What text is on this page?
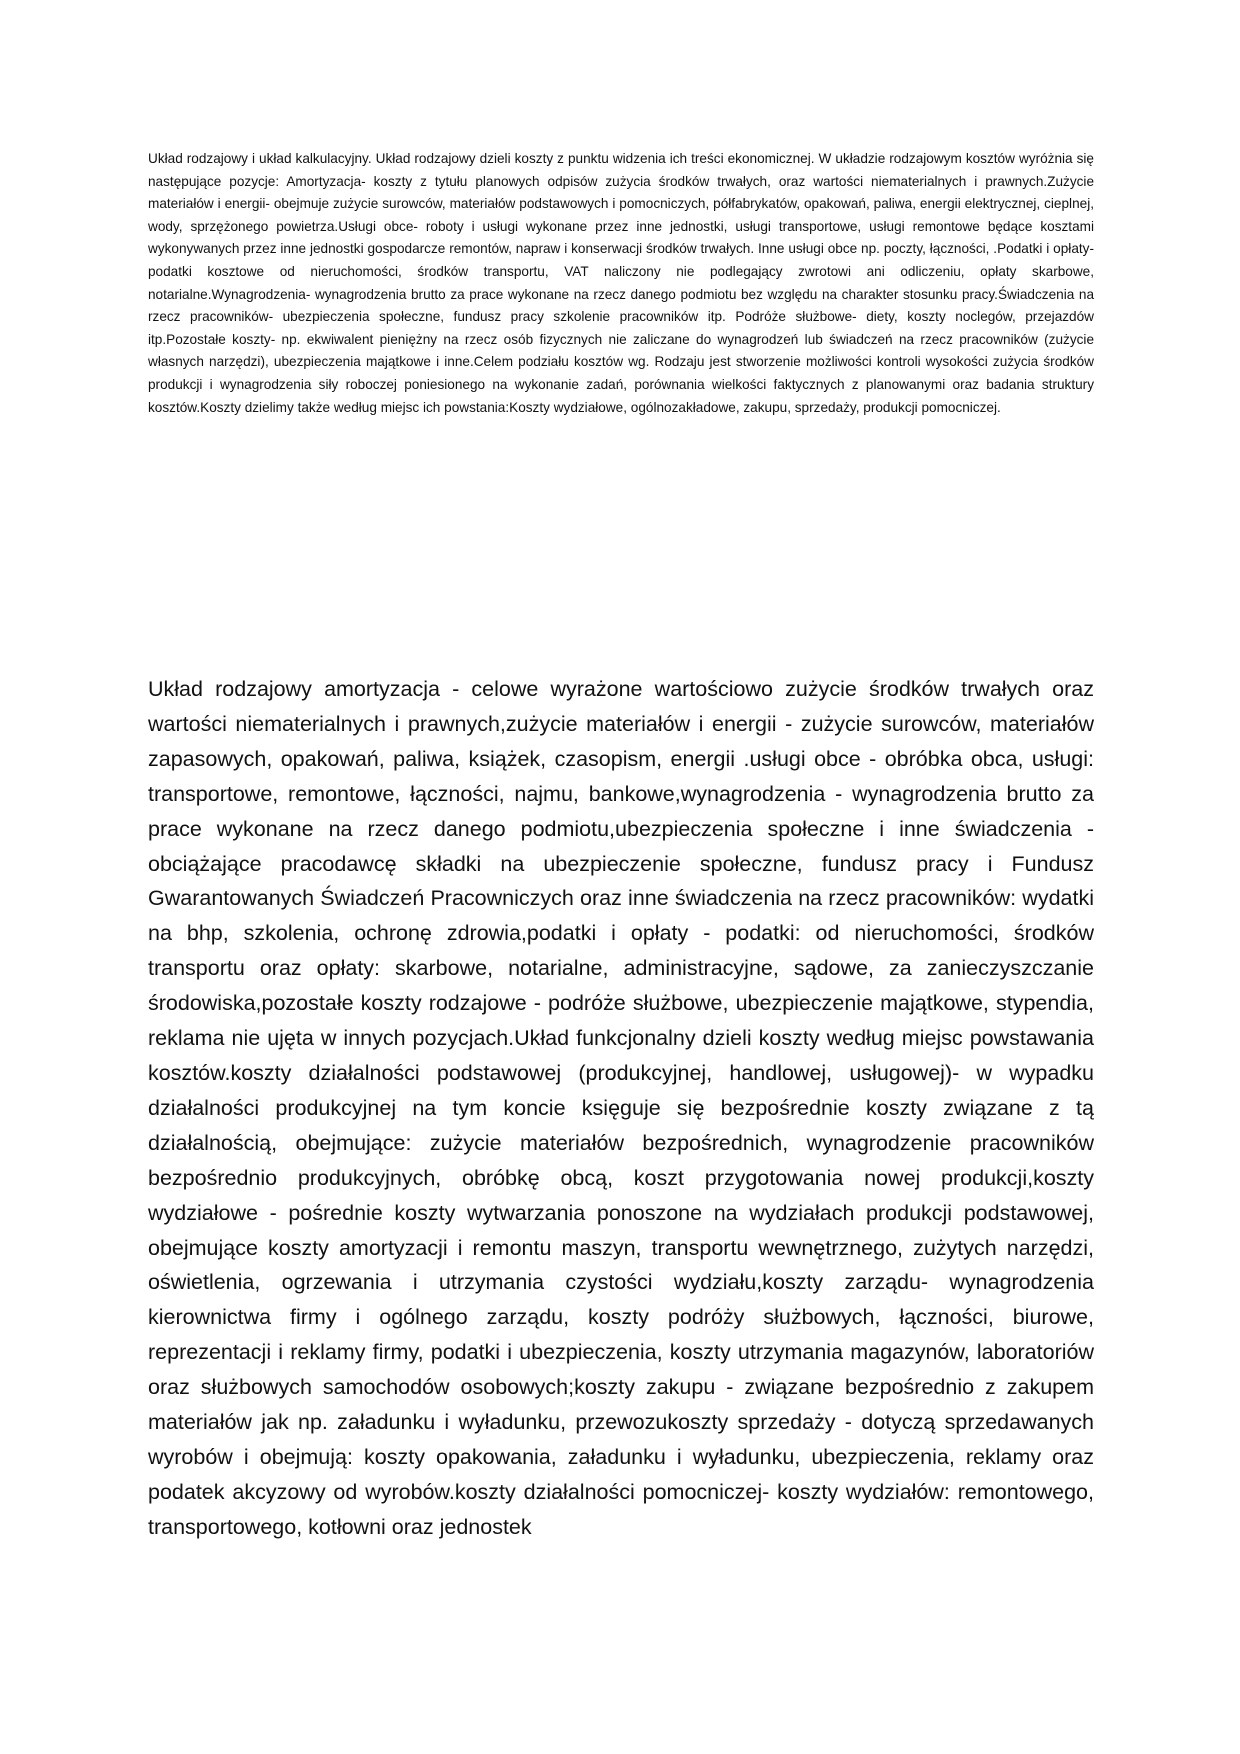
Układ rodzajowy i układ kalkulacyjny. Układ rodzajowy dzieli koszty z punktu widzenia ich treści ekonomicznej. W układzie rodzajowym kosztów wyróżnia się następujące pozycje: Amortyzacja- koszty z tytułu planowych odpisów zużycia środków trwałych, oraz wartości niematerialnych i prawnych.Zużycie materiałów i energii- obejmuje zużycie surowców, materiałów podstawowych i pomocniczych, półfabrykatów, opakowań, paliwa, energii elektrycznej, cieplnej, wody, sprzężonego powietrza.Usługi obce- roboty i usługi wykonane przez inne jednostki, usługi transportowe, usługi remontowe będące kosztami wykonywanych przez inne jednostki gospodarcze remontów, napraw i konserwacji środków trwałych. Inne usługi obce np. poczty, łączności, .Podatki i opłaty- podatki kosztowe od nieruchomości, środków transportu, VAT naliczony nie podlegający zwrotowi ani odliczeniu, opłaty skarbowe, notarialne.Wynagrodzenia- wynagrodzenia brutto za prace wykonane na rzecz danego podmiotu bez względu na charakter stosunku pracy.Świadczenia na rzecz pracowników- ubezpieczenia społeczne, fundusz pracy szkolenie pracowników itp. Podróże służbowe- diety, koszty noclegów, przejazdów itp.Pozostałe koszty- np. ekwiwalent pieniężny na rzecz osób fizycznych nie zaliczane do wynagrodzeń lub świadczeń na rzecz pracowników (zużycie własnych narzędzi), ubezpieczenia majątkowe i inne.Celem podziału kosztów wg. Rodzaju jest stworzenie możliwości kontroli wysokości zużycia środków produkcji i wynagrodzenia siły roboczej poniesionego na wykonanie zadań, porównania wielkości faktycznych z planowanymi oraz badania struktury kosztów.Koszty dzielimy także według miejsc ich powstania:Koszty wydziałowe, ogólnozakładowe, zakupu, sprzedaży, produkcji pomocniczej.

Układ rodzajowy amortyzacja - celowe wyrażone wartościowo zużycie środków trwałych oraz wartości niematerialnych i prawnych,zużycie materiałów i energii - zużycie surowców, materiałów zapasowych, opakowań, paliwa, książek, czasopism, energii .usługi obce - obróbka obca, usługi: transportowe, remontowe, łączności, najmu, bankowe,wynagrodzenia - wynagrodzenia brutto za prace wykonane na rzecz danego podmiotu,ubezpieczenia społeczne i inne świadczenia - obciążające pracodawcę składki na ubezpieczenie społeczne, fundusz pracy i Fundusz Gwarantowanych Świadczeń Pracowniczych oraz inne świadczenia na rzecz pracowników: wydatki na bhp, szkolenia, ochronę zdrowia,podatki i opłaty - podatki: od nieruchomości, środków transportu oraz opłaty: skarbowe, notarialne, administracyjne, sądowe, za zanieczyszczanie środowiska,pozostałe koszty rodzajowe - podróże służbowe, ubezpieczenie majątkowe, stypendia, reklama nie ujęta w innych pozycjach.Układ funkcjonalny dzieli koszty według miejsc powstawania kosztów.koszty działalności podstawowej (produkcyjnej, handlowej, usługowej)- w wypadku działalności produkcyjnej na tym koncie księguje się bezpośrednie koszty związane z tą działalnością, obejmujące: zużycie materiałów bezpośrednich, wynagrodzenie pracowników bezpośrednio produkcyjnych, obróbkę obcą, koszt przygotowania nowej produkcji,koszty wydziałowe - pośrednie koszty wytwarzania ponoszone na wydziałach produkcji podstawowej, obejmujące koszty amortyzacji i remontu maszyn, transportu wewnętrznego, zużytych narzędzi, oświetlenia, ogrzewania i utrzymania czystości wydziału,koszty zarządu- wynagrodzenia kierownictwa firmy i ogólnego zarządu, koszty podróży służbowych, łączności, biurowe, reprezentacji i reklamy firmy, podatki i ubezpieczenia, koszty utrzymania magazynów, laboratoriów oraz służbowych samochodów osobowych;koszty zakupu - związane bezpośrednio z zakupem materiałów jak np. załadunku i wyładunku, przewozukoszty sprzedaży - dotyczą sprzedawanych wyrobów i obejmują: koszty opakowania, załadunku i wyładunku, ubezpieczenia, reklamy oraz podatek akcyzowy od wyrobów.koszty działalności pomocniczej- koszty wydziałów: remontowego, transportowego, kotłowni oraz jednostek
